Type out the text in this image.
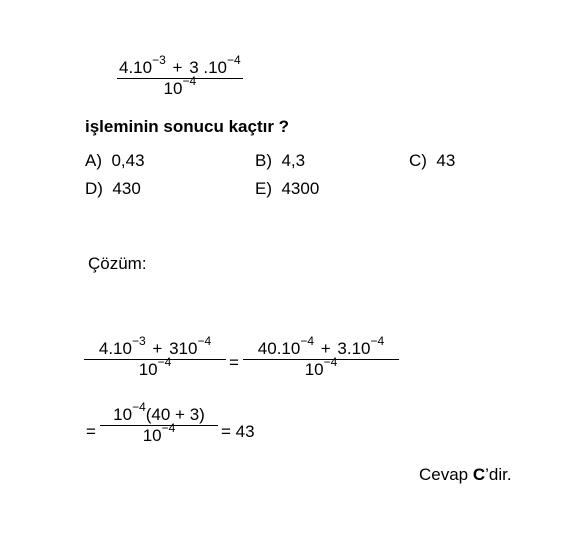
$4.10^{-3} + 3$ $.10^{-4}$
$10^{-4}$
işleminin sonucu kaçtır ?
A) 0,43	B) 4,3	C) 43
D) 430	E) 4300
Çözüm:
$4.10^{-3} + 310^{-4}$
$10^{-4}$	=
$40.10^{-4} + 3.10^{-4}$
$10^{-4}$
=
$10^{-4}(40 + 3)$
$10^{-4}$	= 43
Cevap C’dir.
